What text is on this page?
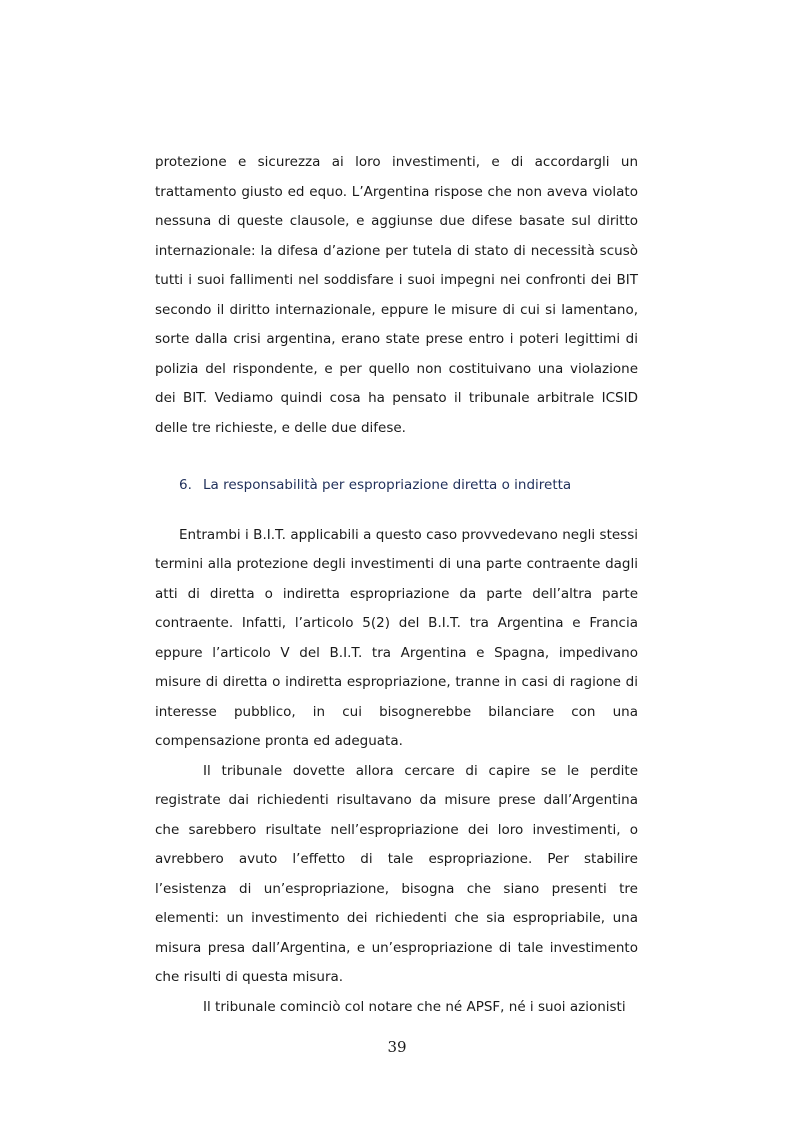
protezione e sicurezza ai loro investimenti, e di accordargli un trattamento giusto ed equo. L’Argentina rispose che non aveva violato nessuna di queste clausole, e aggiunse due difese basate sul diritto internazionale: la difesa d’azione per tutela di stato di necessità scusò tutti i suoi fallimenti nel soddisfare i suoi impegni nei confronti dei BIT secondo il diritto internazionale, eppure le misure di cui si lamentano, sorte dalla crisi argentina, erano state prese entro i poteri legittimi di polizia del rispondente, e per quello non costituivano una violazione dei BIT. Vediamo quindi cosa ha pensato il tribunale arbitrale ICSID delle tre richieste, e delle due difese.

6. La responsabilità per espropriazione diretta o indiretta

Entrambi i B.I.T. applicabili a questo caso provvedevano negli stessi termini alla protezione degli investimenti di una parte contraente dagli atti di diretta o indiretta espropriazione da parte dell’altra parte contraente. Infatti, l’articolo 5(2) del B.I.T. tra Argentina e Francia eppure l’articolo V del B.I.T. tra Argentina e Spagna, impedivano misure di diretta o indiretta espropriazione, tranne in casi di ragione di interesse pubblico, in cui bisognerebbe bilanciare con una compensazione pronta ed adeguata.

Il tribunale dovette allora cercare di capire se le perdite registrate dai richiedenti risultavano da misure prese dall’Argentina che sarebbero risultate nell’espropriazione dei loro investimenti, o avrebbero avuto l’effetto di tale espropriazione. Per stabilire l’esistenza di un’espropriazione, bisogna che siano presenti tre elementi: un investimento dei richiedenti che sia espropriabile, una misura presa dall’Argentina, e un’espropriazione di tale investimento che risulti di questa misura.

Il tribunale cominciò col notare che né APSF, né i suoi azionisti

39
